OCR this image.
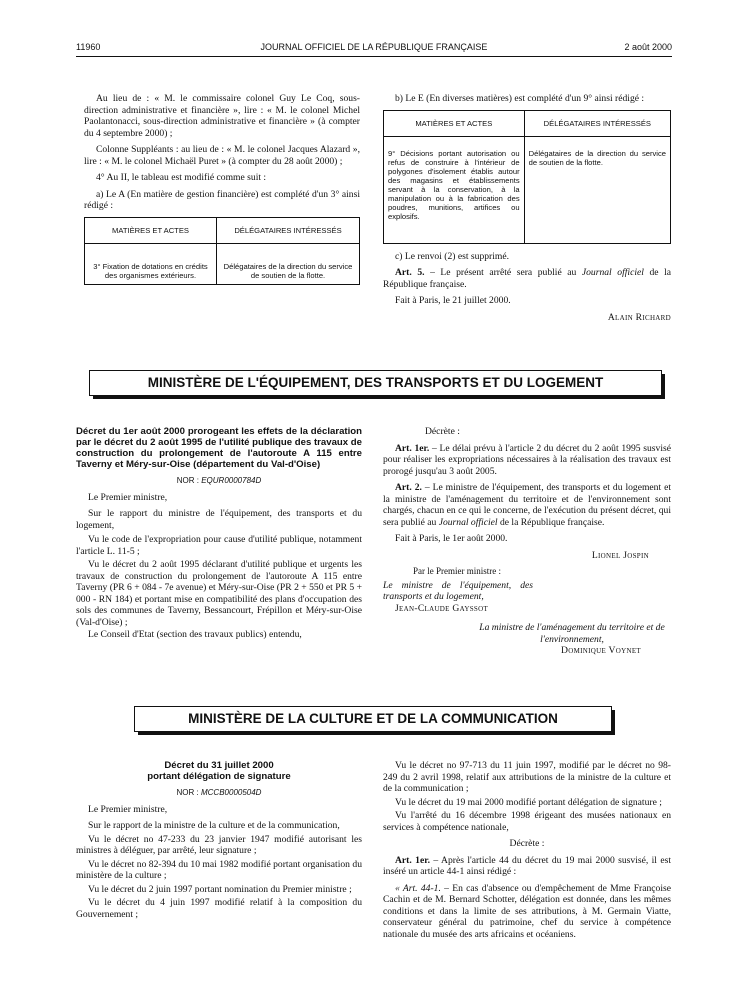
11960	JOURNAL OFFICIEL DE LA RÉPUBLIQUE FRANÇAISE	2 août 2000

Au lieu de : « M. le commissaire colonel Guy Le Coq, sous-direction administrative et financière », lire : « M. le colonel Michel Paolantonacci, sous-direction administrative et financière » (à compter du 4 septembre 2000) ;

Colonne Suppléants : au lieu de : « M. le colonel Jacques Alazard », lire : « M. le colonel Michaël Puret » (à compter du 28 août 2000) ;

4° Au II, le tableau est modifié comme suit :

a) Le A (En matière de gestion financière) est complété d'un 3° ainsi rédigé :

MATIÈRES ET ACTES	DÉLÉGATAIRES INTÉRESSÉS
3° Fixation de dotations en crédits des organismes extérieurs.	Délégataires de la direction du service de soutien de la flotte.

b) Le E (En diverses matières) est complété d'un 9° ainsi rédigé :

MATIÈRES ET ACTES	DÉLÉGATAIRES INTÉRESSÉS
9° Décisions portant autorisation ou refus de construire à l'intérieur de polygones d'isolement établis autour des magasins et établissements servant à la conservation, à la manipulation ou à la fabrication des poudres, munitions, artifices ou explosifs.	Délégataires de la direction du service de soutien de la flotte.

c) Le renvoi (2) est supprimé.

Art. 5. – Le présent arrêté sera publié au Journal officiel de la République française.

Fait à Paris, le 21 juillet 2000.

Alain Richard

MINISTÈRE DE L'ÉQUIPEMENT, DES TRANSPORTS ET DU LOGEMENT

Décret du 1er août 2000 prorogeant les effets de la déclaration par le décret du 2 août 1995 de l'utilité publique des travaux de construction du prolongement de l'autoroute A 115 entre Taverny et Méry-sur-Oise (département du Val-d'Oise)

NOR : EQUR0000784D

Le Premier ministre,

Sur le rapport du ministre de l'équipement, des transports et du logement,

Vu le code de l'expropriation pour cause d'utilité publique, notamment l'article L. 11-5 ;

Vu le décret du 2 août 1995 déclarant d'utilité publique et urgents les travaux de construction du prolongement de l'autoroute A 115 entre Taverny (PR 6 + 084 - 7e avenue) et Méry-sur-Oise (PR 2 + 550 et PR 5 + 000 - RN 184) et portant mise en compatibilité des plans d'occupation des sols des communes de Taverny, Bessancourt, Frépillon et Méry-sur-Oise (Val-d'Oise) ;

Le Conseil d'Etat (section des travaux publics) entendu,

Décrète :

Art. 1er. – Le délai prévu à l'article 2 du décret du 2 août 1995 susvisé pour réaliser les expropriations nécessaires à la réalisation des travaux est prorogé jusqu'au 3 août 2005.

Art. 2. – Le ministre de l'équipement, des transports et du logement et la ministre de l'aménagement du territoire et de l'environnement sont chargés, chacun en ce qui le concerne, de l'exécution du présent décret, qui sera publié au Journal officiel de la République française.

Fait à Paris, le 1er août 2000.

Lionel Jospin

Par le Premier ministre :

Le ministre de l'équipement, des transports et du logement,

Jean-Claude Gayssot

La ministre de l'aménagement du territoire et de l'environnement,

Dominique Voynet

MINISTÈRE DE LA CULTURE ET DE LA COMMUNICATION

Décret du 31 juillet 2000

portant délégation de signature

NOR : MCCB0000504D

Le Premier ministre,

Sur le rapport de la ministre de la culture et de la communication,

Vu le décret no 47-233 du 23 janvier 1947 modifié autorisant les ministres à déléguer, par arrêté, leur signature ;

Vu le décret no 82-394 du 10 mai 1982 modifié portant organisation du ministère de la culture ;

Vu le décret du 2 juin 1997 portant nomination du Premier ministre ;

Vu le décret du 4 juin 1997 modifié relatif à la composition du Gouvernement ;

Vu le décret no 97-713 du 11 juin 1997, modifié par le décret no 98-249 du 2 avril 1998, relatif aux attributions de la ministre de la culture et de la communication ;

Vu le décret du 19 mai 2000 modifié portant délégation de signature ;

Vu l'arrêté du 16 décembre 1998 érigeant des musées nationaux en services à compétence nationale,

Décrète :

Art. 1er. – Après l'article 44 du décret du 19 mai 2000 susvisé, il est inséré un article 44-1 ainsi rédigé :

« Art. 44-1. – En cas d'absence ou d'empêchement de Mme Françoise Cachin et de M. Bernard Schotter, délégation est donnée, dans les mêmes conditions et dans la limite de ses attributions, à M. Germain Viatte, conservateur général du patrimoine, chef du service à compétence nationale du musée des arts africains et océaniens.
